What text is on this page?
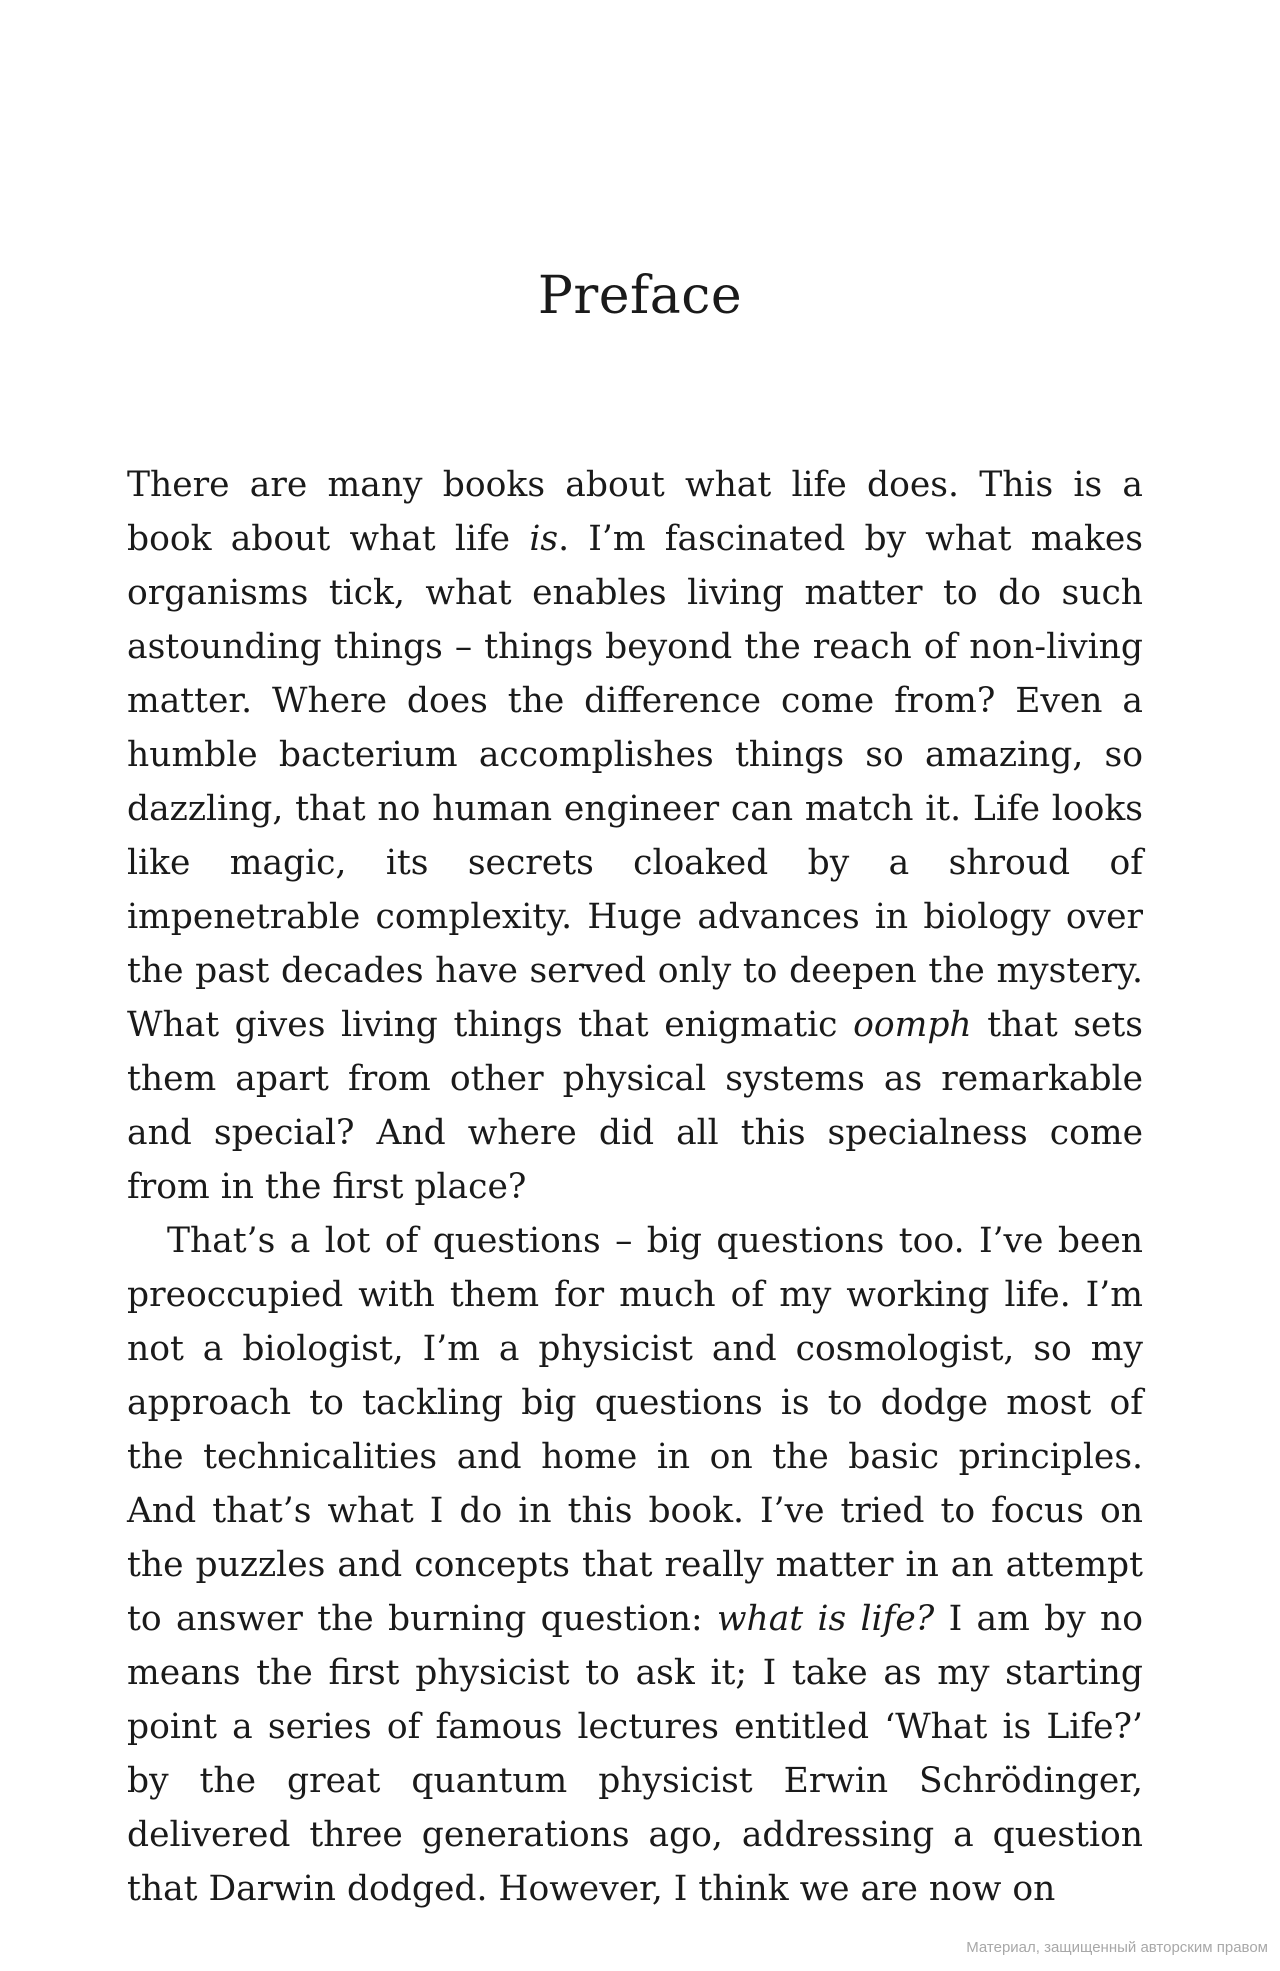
Preface

There are many books about what life does. This is a book about what life is. I’m fascinated by what makes organisms tick, what enables living matter to do such astounding things – things beyond the reach of non-living matter. Where does the difference come from? Even a humble bacterium accomplishes things so amazing, so dazzling, that no human engineer can match it. Life looks like magic, its secrets cloaked by a shroud of impenetrable complexity. Huge advances in biology over the past decades have served only to deepen the mystery. What gives living things that enigmatic oomph that sets them apart from other physical systems as remarkable and special? And where did all this specialness come from in the first place?

That’s a lot of questions – big questions too. I’ve been preoccupied with them for much of my working life. I’m not a biologist, I’m a physicist and cosmologist, so my approach to tackling big questions is to dodge most of the technicalities and home in on the basic principles. And that’s what I do in this book. I’ve tried to focus on the puzzles and concepts that really matter in an attempt to answer the burning question: what is life? I am by no means the first physicist to ask it; I take as my starting point a series of famous lectures entitled ‘What is Life?’ by the great quantum physicist Erwin Schrödinger, delivered three generations ago, addressing a question that Darwin dodged. However, I think we are now on

Материал, защищенный авторским правом
